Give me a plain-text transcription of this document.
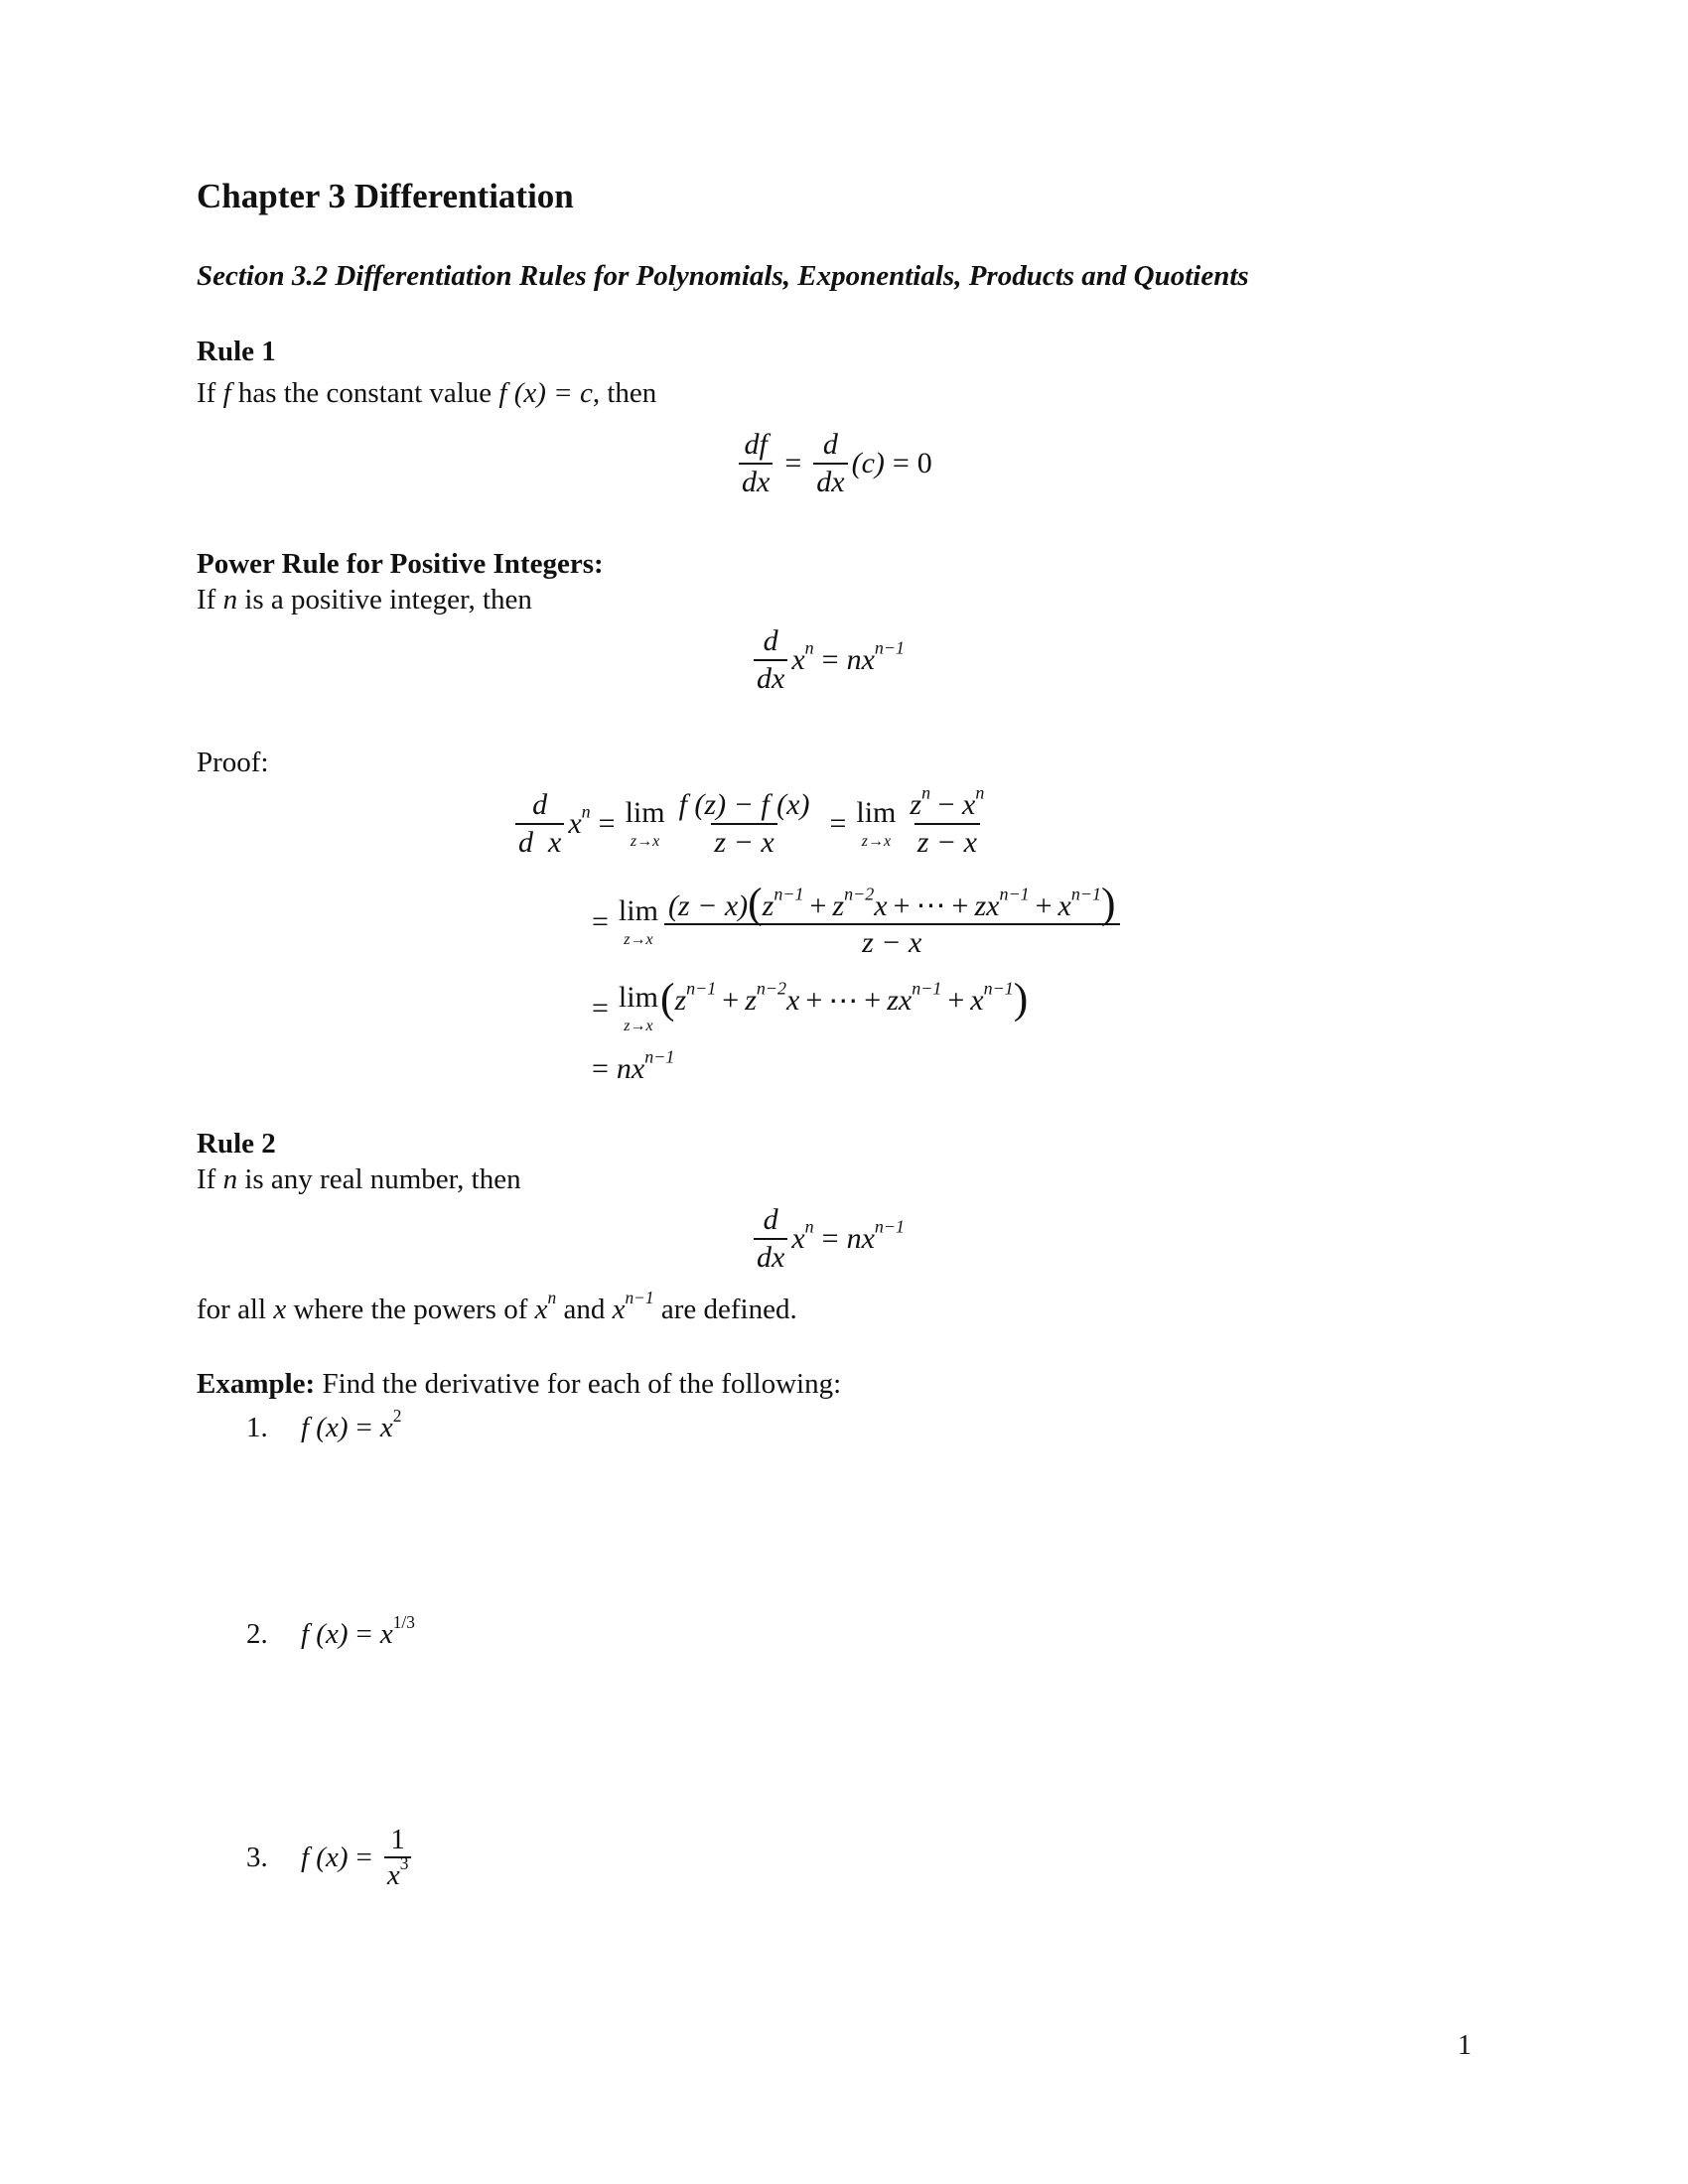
Chapter 3 Differentiation
Section 3.2 Differentiation Rules for Polynomials, Exponentials, Products and Quotients
Rule 1
If f has the constant value f (x) = c, then
$\frac{df}{dx} = \frac{d}{dx} (c) = 0$
Power Rule for Positive Integers:
If n is a positive integer, then
$\frac{d}{dx} x^n = nx^{n-1}$
Proof:
$\frac{d}{\text{d  x}} x^n = \lim$
$z\to x \frac{f (z) - f (x)}{z - x} = \lim$
$z\to x \frac{z^n - x^n}{z - x}$
= lim
$z\to x \frac{(z - x)(z^{n-1} + z^{n-2}x + \cdots + zx^{n-1} + x^{n-1})}{z - x}$
= lim
z→x
($z^{n-1} + z^{n-2}x$ + ⋯ + $zx^{n-1} + x^{n-1}$)
= $nx^{n-1}$
Rule 2
If n is any real number, then
$\frac{d}{dx} x^n = nx^{n-1}$
for all x where the powers of $x^n$ and $x^{n-1}$ are defined.
Example: Find the derivative for each of the following:
1.	f $(x) = x^2$
2.	f $(x) = x^{1/3}$
3.	f $(x) = \frac{1}{x^3}$
1
